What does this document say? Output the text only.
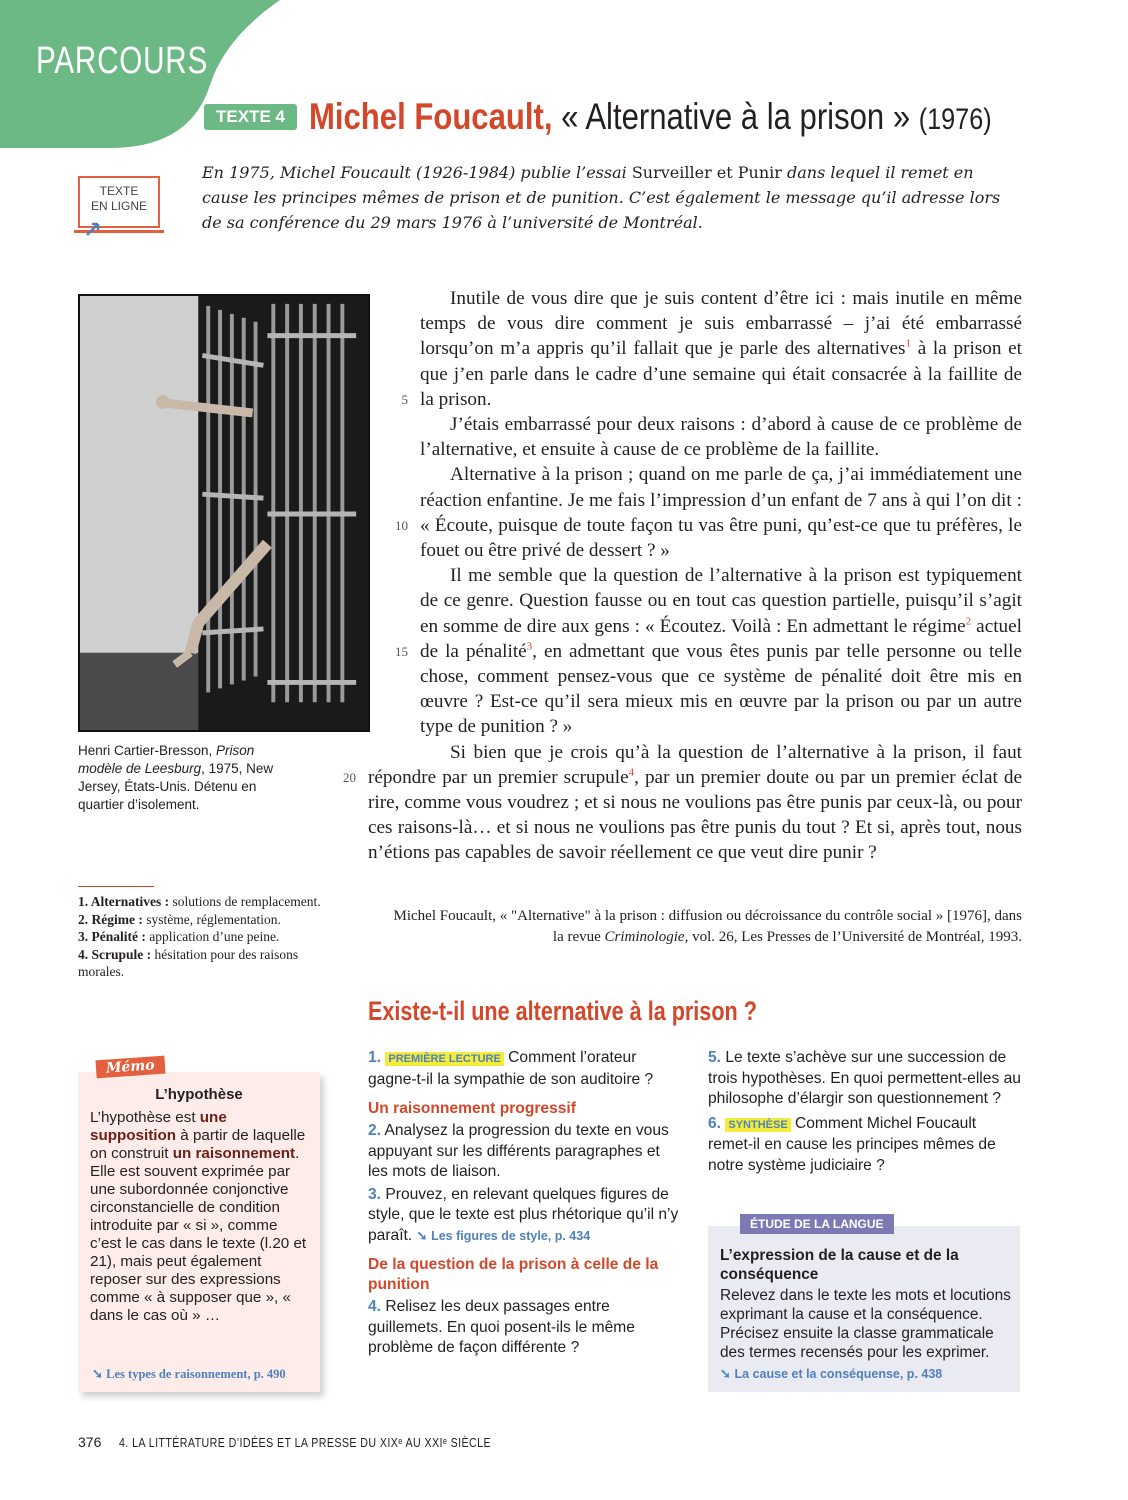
PARCOURS
TEXTE 4 Michel Foucault, « Alternative à la prison » (1976)
TEXTE
EN LIGNE
En 1975, Michel Foucault (1926-1984) publie l’essai Surveiller et Punir dans lequel il remet en cause les principes mêmes de prison et de punition. C’est également le message qu’il adresse lors de sa conférence du 29 mars 1976 à l’université de Montréal.
Henri Cartier-Bresson, Prison modèle de Leesburg, 1975, New Jersey, États-Unis. Détenu en quartier d’isolement.
1. Alternatives : solutions de remplacement.
2. Régime : système, réglementation.
3. Pénalité : application d’une peine.
4. Scrupule : hésitation pour des raisons morales.
5
10
15
20

Inutile de vous dire que je suis content d’être ici : mais inutile en même temps de vous dire comment je suis embarrassé – j’ai été embarrassé lorsqu’on m’a appris qu’il fallait que je parle des alternatives$^1$ à la prison et que j’en parle dans le cadre d’une semaine qui était consacrée à la faillite de la prison.

J’étais embarrassé pour deux raisons : d’abord à cause de ce problème de l’alternative, et ensuite à cause de ce problème de la faillite.

Alternative à la prison ; quand on me parle de ça, j’ai immédiatement une réaction enfantine. Je me fais l’impression d’un enfant de 7 ans à qui l’on dit : « Écoute, puisque de toute façon tu vas être puni, qu’est-ce que tu préfères, le fouet ou être privé de dessert ? »

Il me semble que la question de l’alternative à la prison est typiquement de ce genre. Question fausse ou en tout cas question partielle, puisqu’il s’agit en somme de dire aux gens : « Écoutez. Voilà : En admettant le régime$^2$ actuel de la pénalité$^3$, en admettant que vous êtes punis par telle personne ou telle chose, comment pensez-vous que ce système de pénalité doit être mis en œuvre ? Est-ce qu’il sera mieux mis en œuvre par la prison ou par un autre type de punition ? »

Si bien que je crois qu’à la question de l’alternative à la prison, il faut répondre par un premier scrupule$^4$, par un premier doute ou par un premier éclat de rire, comme vous voudrez ; et si nous ne voulions pas être punis par ceux-là, ou pour ces raisons-là… et si nous ne voulions pas être punis du tout ? Et si, après tout, nous n’étions pas capables de savoir réellement ce que veut dire punir ?

Michel Foucault, « "Alternative" à la prison : diffusion ou décroissance du contrôle social » [1976], dans la revue Criminologie, vol. 26, Les Presses de l’Université de Montréal, 1993.
Existe-t-il une alternative à la prison ?
1. PREMIÈRE LECTURE Comment l’orateur gagne-t-il la sympathie de son auditoire ?
Un raisonnement progressif
2. Analysez la progression du texte en vous appuyant sur les différents paragraphes et les mots de liaison.
3. Prouvez, en relevant quelques figures de style, que le texte est plus rhétorique qu’il n’y paraît. ➘ Les figures de style, p. 434
De la question de la prison à celle de la punition
4. Relisez les deux passages entre guillemets. En quoi posent-ils le même problème de façon différente ?
5. Le texte s’achève sur une succession de trois hypothèses. En quoi permettent-elles au philosophe d’élargir son questionnement ?
6. SYNTHÈSE Comment Michel Foucault remet-il en cause les principes mêmes de notre système judiciaire ?
ÉTUDE DE LA LANGUE
L’expression de la cause et de la conséquence
Relevez dans le texte les mots et locutions exprimant la cause et la conséquence. Précisez ensuite la classe grammaticale des termes recensés pour les exprimer.
➘ La cause et la conséquense, p. 438
Mémo
L’hypothèse
L’hypothèse est une supposition à partir de laquelle on construit un raisonnement. Elle est souvent exprimée par une subordonnée conjonctive circonstancielle de condition introduite par « si », comme c’est le cas dans le texte (l.20 et 21), mais peut également reposer sur des expressions comme « à supposer que », « dans le cas où » …
➘ Les types de raisonnement, p. 490
376 4. LA LITTÉRATURE D’IDÉES ET LA PRESSE DU XIXᵉ AU XXIᵉ SIÈCLE
